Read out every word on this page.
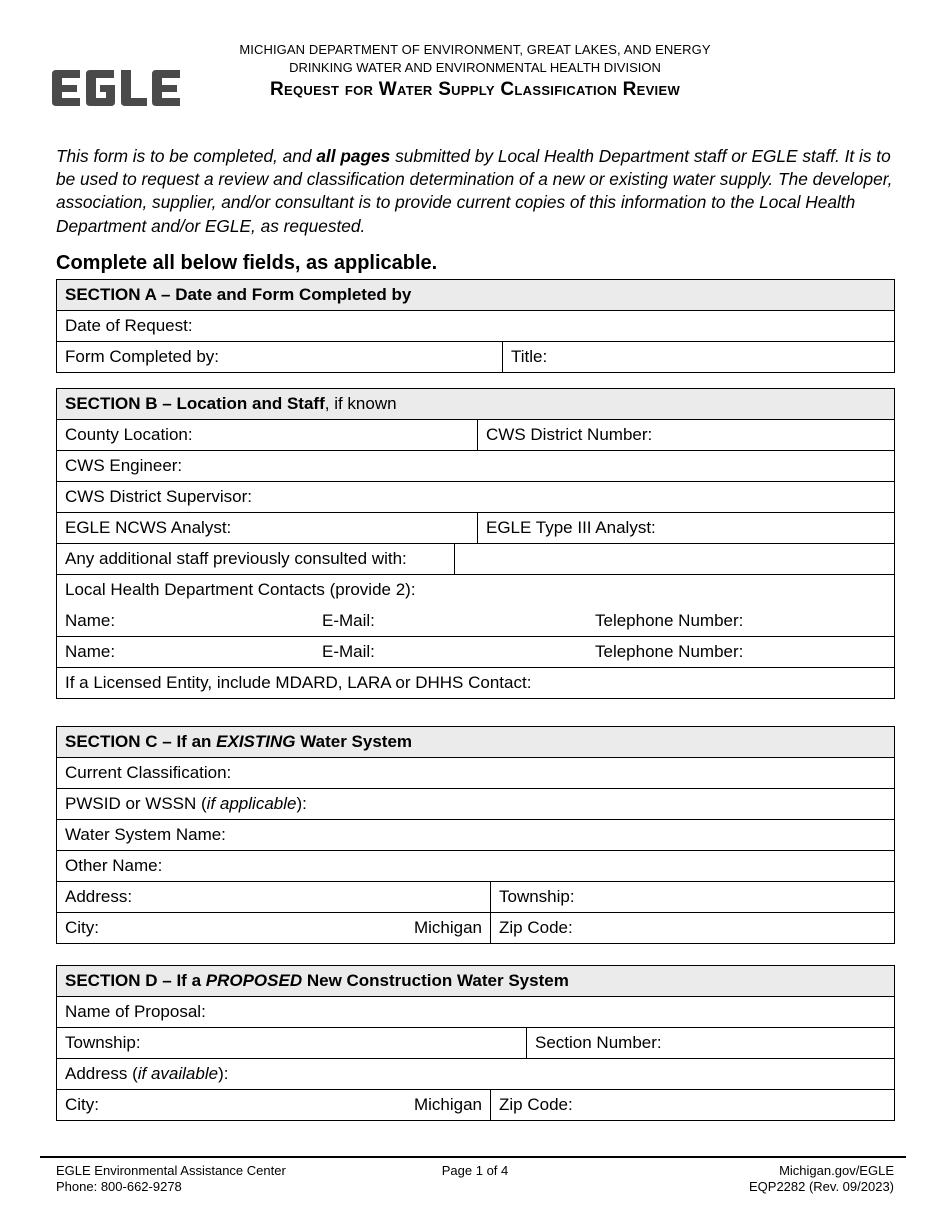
MICHIGAN DEPARTMENT OF ENVIRONMENT, GREAT LAKES, AND ENERGY
DRINKING WATER AND ENVIRONMENTAL HEALTH DIVISION
Request for Water Supply Classification Review
This form is to be completed, and all pages submitted by Local Health Department staff or EGLE staff. It is to be used to request a review and classification determination of a new or existing water supply. The developer, association, supplier, and/or consultant is to provide current copies of this information to the Local Health Department and/or EGLE, as requested.
Complete all below fields, as applicable.
SECTION A – Date and Form Completed by
Date of Request:
Form Completed by:	Title:
SECTION B – Location and Staff, if known		
County Location:		CWS District Number:
CWS Engineer:		
CWS District Supervisor:		
EGLE NCWS Analyst:		EGLE Type III Analyst:
Any additional staff previously consulted with:		
Local Health Department Contacts (provide 2):		
Name: E-Mail: Telephone Number:		

Name: E-Mail: Telephone Number:		

If a Licensed Entity, include MDARD, LARA or DHHS Contact:		
SECTION C – If an EXISTING Water System	
Current Classification:	
PWSID or WSSN (if applicable):	
Water System Name:	
Other Name:	
Address:	Township:
City: Michigan	Zip Code:
SECTION D – If a PROPOSED New Construction Water System		
Name of Proposal:		
Township:		Section Number:
Address (if available):		
City: Michigan	Zip Code:	
EGLE Environmental Assistance Center
Phone: 800-662-9278
Page 1 of 4	Michigan.gov/EGLE
EQP2282 (Rev. 09/2023)
